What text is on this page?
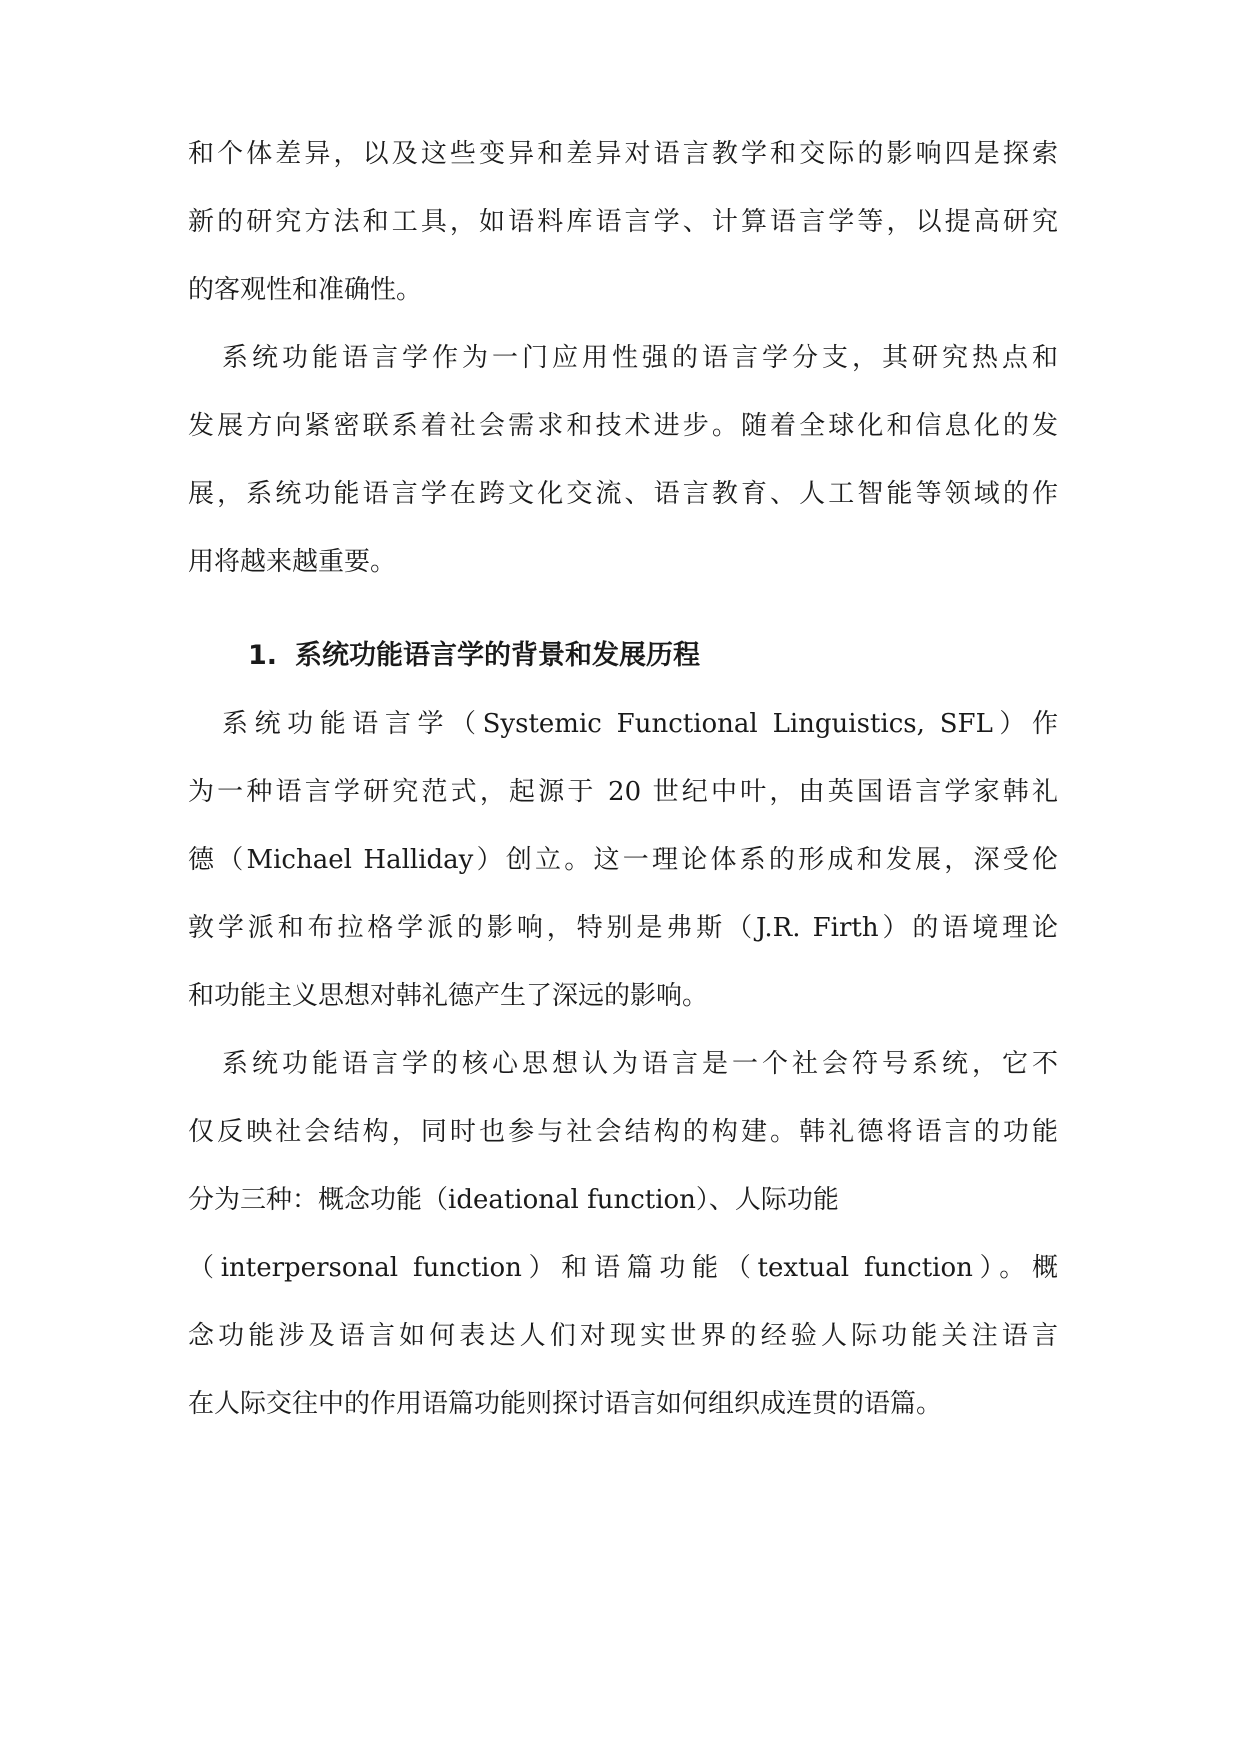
和个体差异，以及这些变异和差异对语言教学和交际的影响四是探索
新的研究方法和工具，如语料库语言学、计算语言学等，以提高研究
的客观性和准确性。
系统功能语言学作为一门应用性强的语言学分支，其研究热点和
发展方向紧密联系着社会需求和技术进步。随着全球化和信息化的发
展，系统功能语言学在跨文化交流、语言教育、人工智能等领域的作
用将越来越重要。
1. 系统功能语言学的背景和发展历程
系统功能语言学（Systemic Functional Linguistics, SFL）作
为一种语言学研究范式，起源于 20 世纪中叶，由英国语言学家韩礼
德（Michael Halliday）创立。这一理论体系的形成和发展，深受伦
敦学派和布拉格学派的影响，特别是弗斯（J.R. Firth）的语境理论
和功能主义思想对韩礼德产生了深远的影响。
系统功能语言学的核心思想认为语言是一个社会符号系统，它不
仅反映社会结构，同时也参与社会结构的构建。韩礼德将语言的功能
分为三种：概念功能（ideational function）、人际功能
（interpersonal function）和语篇功能（textual function）。概
念功能涉及语言如何表达人们对现实世界的经验人际功能关注语言
在人际交往中的作用语篇功能则探讨语言如何组织成连贯的语篇。
